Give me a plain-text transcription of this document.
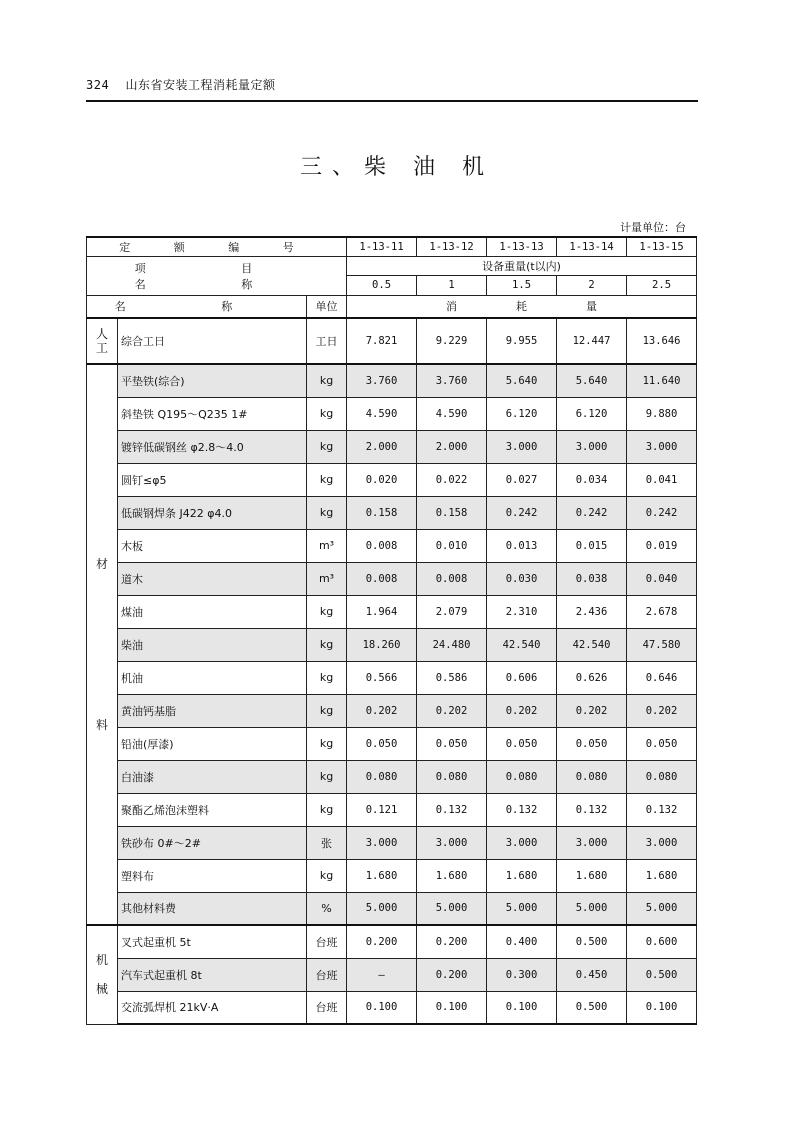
324 山东省安装工程消耗量定额
三、柴 油 机
计量单位：台
定 额 编 号			1-13-11	1-13-12	1-13-13	1-13-14	1-13-15
项 目 名 称			设备重量(t以内)				
			0.5	1	1.5	2	2.5
名 称		单位		消	耗	量	
人工	综合工日	工日	7.821	9.229	9.955	12.447	13.646

材
料	平垫铁(综合)	kg	3.760	3.760	5.640	5.640	11.640
	斜垫铁 Q195～Q235 1#	kg	4.590	4.590	6.120	6.120	9.880
	镀锌低碳钢丝 φ2.8～4.0	kg	2.000	2.000	3.000	3.000	3.000
	圆钉≤φ5	kg	0.020	0.022	0.027	0.034	0.041
	低碳钢焊条 J422 φ4.0	kg	0.158	0.158	0.242	0.242	0.242
	木板	m³	0.008	0.010	0.013	0.015	0.019
	道木	m³	0.008	0.008	0.030	0.038	0.040
	煤油	kg	1.964	2.079	2.310	2.436	2.678
	柴油	kg	18.260	24.480	42.540	42.540	47.580
	机油	kg	0.566	0.586	0.606	0.626	0.646
	黄油钙基脂	kg	0.202	0.202	0.202	0.202	0.202
	铅油(厚漆)	kg	0.050	0.050	0.050	0.050	0.050
	白油漆	kg	0.080	0.080	0.080	0.080	0.080
	聚酯乙烯泡沫塑料	kg	0.121	0.132	0.132	0.132	0.132
	铁砂布 0#～2#	张	3.000	3.000	3.000	3.000	3.000
	塑料布	kg	1.680	1.680	1.680	1.680	1.680
	其他材料费	%	5.000	5.000	5.000	5.000	5.000

机
械	叉式起重机 5t	台班	0.200	0.200	0.400	0.500	0.600
	汽车式起重机 8t	台班	—	0.200	0.300	0.450	0.500
	交流弧焊机 21kV·A	台班	0.100	0.100	0.100	0.500	0.100
